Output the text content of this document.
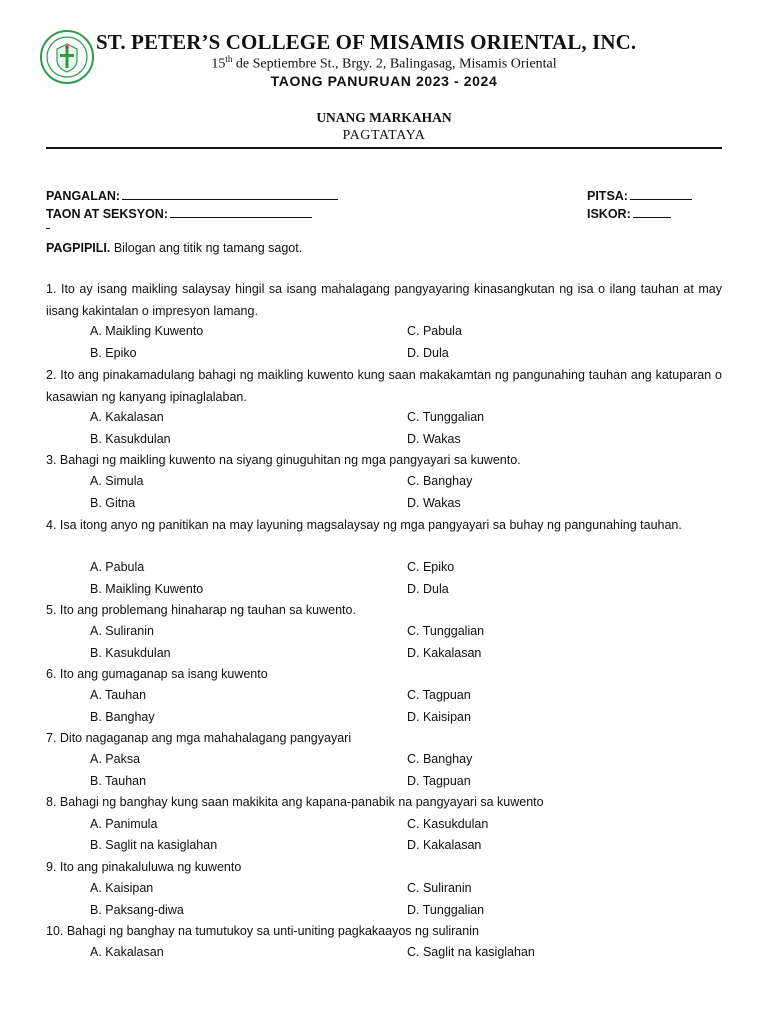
ST. PETER’S COLLEGE OF MISAMIS ORIENTAL, INC.
15th de Septiembre St., Brgy. 2, Balingasag, Misamis Oriental
TAONG PANURUAN 2023 - 2024
UNANG MARKAHAN
PAGTATAYA
PANGALAN:
TAON AT SEKSYON:
PITSA:
ISKOR:
PAGPIPILI. Bilogan ang titik ng tamang sagot.
1. Ito ay isang maikling salaysay hingil sa isang mahalagang pangyayaring kinasangkutan ng isa o ilang tauhan at may iisang kakintalan o impresyon lamang.
A. Maikling Kuwento	C. Pabula
B. Epiko	D. Dula
2. Ito ang pinakamadulang bahagi ng maikling kuwento kung saan makakamtan ng pangunahing tauhan ang katuparan o kasawian ng kanyang ipinaglalaban.
A. Kakalasan	C. Tunggalian
B. Kasukdulan	D. Wakas
3. Bahagi ng maikling kuwento na siyang ginuguhitan ng mga pangyayari sa kuwento.
A. Simula	C. Banghay
B. Gitna	D. Wakas
4. Isa itong anyo ng panitikan na may layuning magsalaysay ng mga pangyayari sa buhay ng pangunahing tauhan.
A. Pabula	C. Epiko
B. Maikling Kuwento	D. Dula
5. Ito ang problemang hinaharap ng tauhan sa kuwento.
A. Suliranin	C. Tunggalian
B. Kasukdulan	D. Kakalasan
6. Ito ang gumaganap sa isang kuwento
A. Tauhan	C. Tagpuan
B. Banghay	D. Kaisipan
7. Dito nagaganap ang mga mahahalagang pangyayari
A. Paksa	C. Banghay
B. Tauhan	D. Tagpuan
8. Bahagi ng banghay kung saan makikita ang kapana-panabik na pangyayari sa kuwento
A. Panimula	C. Kasukdulan
B. Saglit na kasiglahan	D. Kakalasan
9. Ito ang pinakaluluwa ng kuwento
A. Kaisipan	C. Suliranin
B. Paksang-diwa	D. Tunggalian
10. Bahagi ng banghay na tumutukoy sa unti-uniting pagkakaayos ng suliranin
A. Kakalasan	C. Saglit na kasiglahan
